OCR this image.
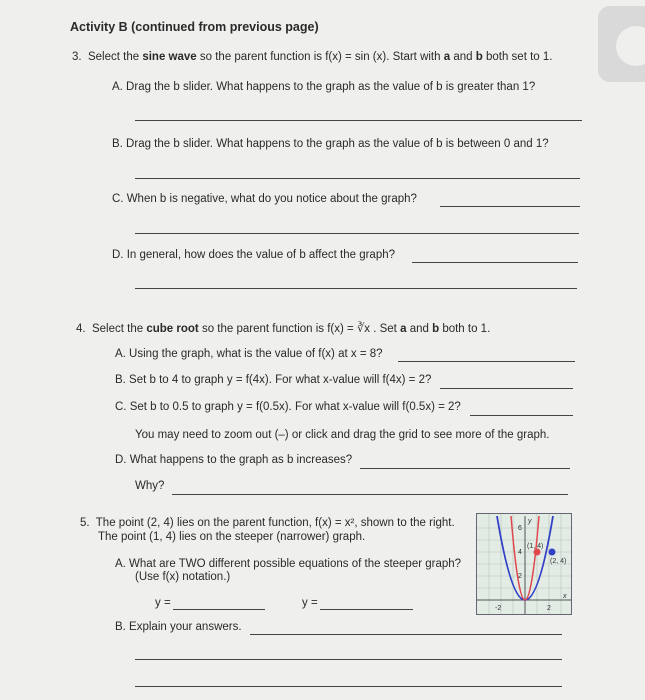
Activity B (continued from previous page)
3. Select the sine wave so the parent function is f(x) = sin (x). Start with a and b both set to 1.
A. Drag the b slider. What happens to the graph as the value of b is greater than 1?
B. Drag the b slider. What happens to the graph as the value of b is between 0 and 1?
C. When b is negative, what do you notice about the graph?
D. In general, how does the value of b affect the graph?
4. Select the cube root so the parent function is f(x) = ∛x . Set a and b both to 1.
A. Using the graph, what is the value of f(x) at x = 8?
B. Set b to 4 to graph y = f(4x). For what x-value will f(4x) = 2?
C. Set b to 0.5 to graph y = f(0.5x). For what x-value will f(0.5x) = 2?
You may need to zoom out (–) or click and drag the grid to see more of the graph.
D. What happens to the graph as b increases?
Why?
5. The point (2, 4) lies on the parent function, f(x) = x², shown to the right.
The point (1, 4) lies on the steeper (narrower) graph.
A. What are TWO different possible equations of the steeper graph?
(Use f(x) notation.)
y =	y =
B. Explain your answers.
y
x
6
4
2
-2	2
(1, 4)
(2, 4)
